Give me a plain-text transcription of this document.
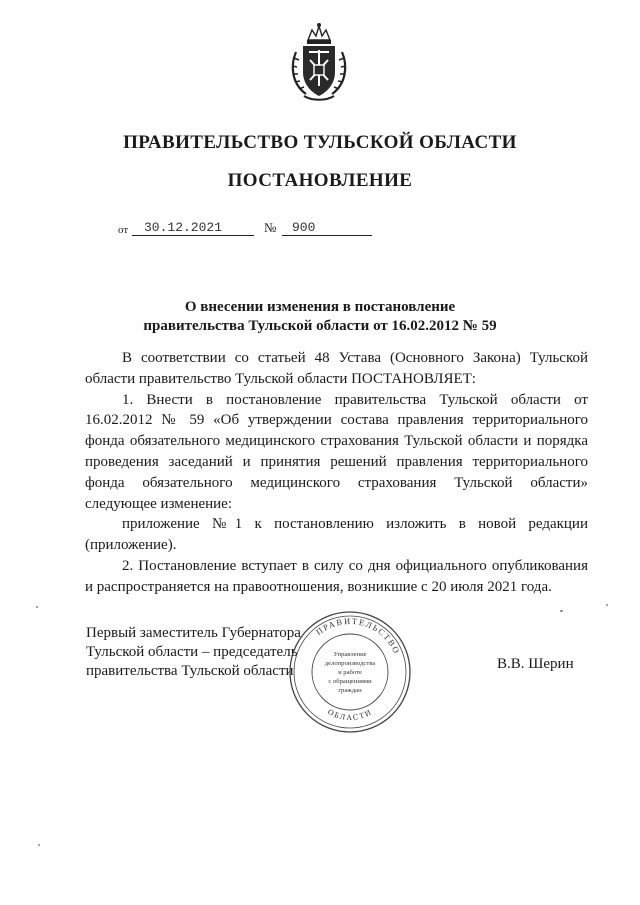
ПРАВИТЕЛЬСТВО ТУЛЬСКОЙ ОБЛАСТИ
ПОСТАНОВЛЕНИЕ
от 30.12.2021	№ 900
О внесении изменения в постановление
правительства Тульской области от 16.02.2012 № 59

В соответствии со статьей 48 Устава (Основного Закона) Тульской области правительство Тульской области ПОСТАНОВЛЯЕТ:

1. Внести в постановление правительства Тульской области от 16.02.2012 № 59 «Об утверждении состава правления территориального фонда обязательного медицинского страхования Тульской области и порядка проведения заседаний и принятия решений правления территориального фонда обязательного медицинского страхования Тульской области» следующее изменение:

приложение №1 к постановлению изложить в новой редакции (приложение).

2. Постановление вступает в силу со дня официального опубликования и распространяется на правоотношения, возникшие с 20 июля 2021 года.

Первый заместитель Губернатора
Тульской области – председатель
правительства Тульской области
ПРАВИТЕЛЬСТВО
ОБЛАСТИ
Управление
делопроизводства
и работе
с обращениями
граждан
В.В. Шерин
